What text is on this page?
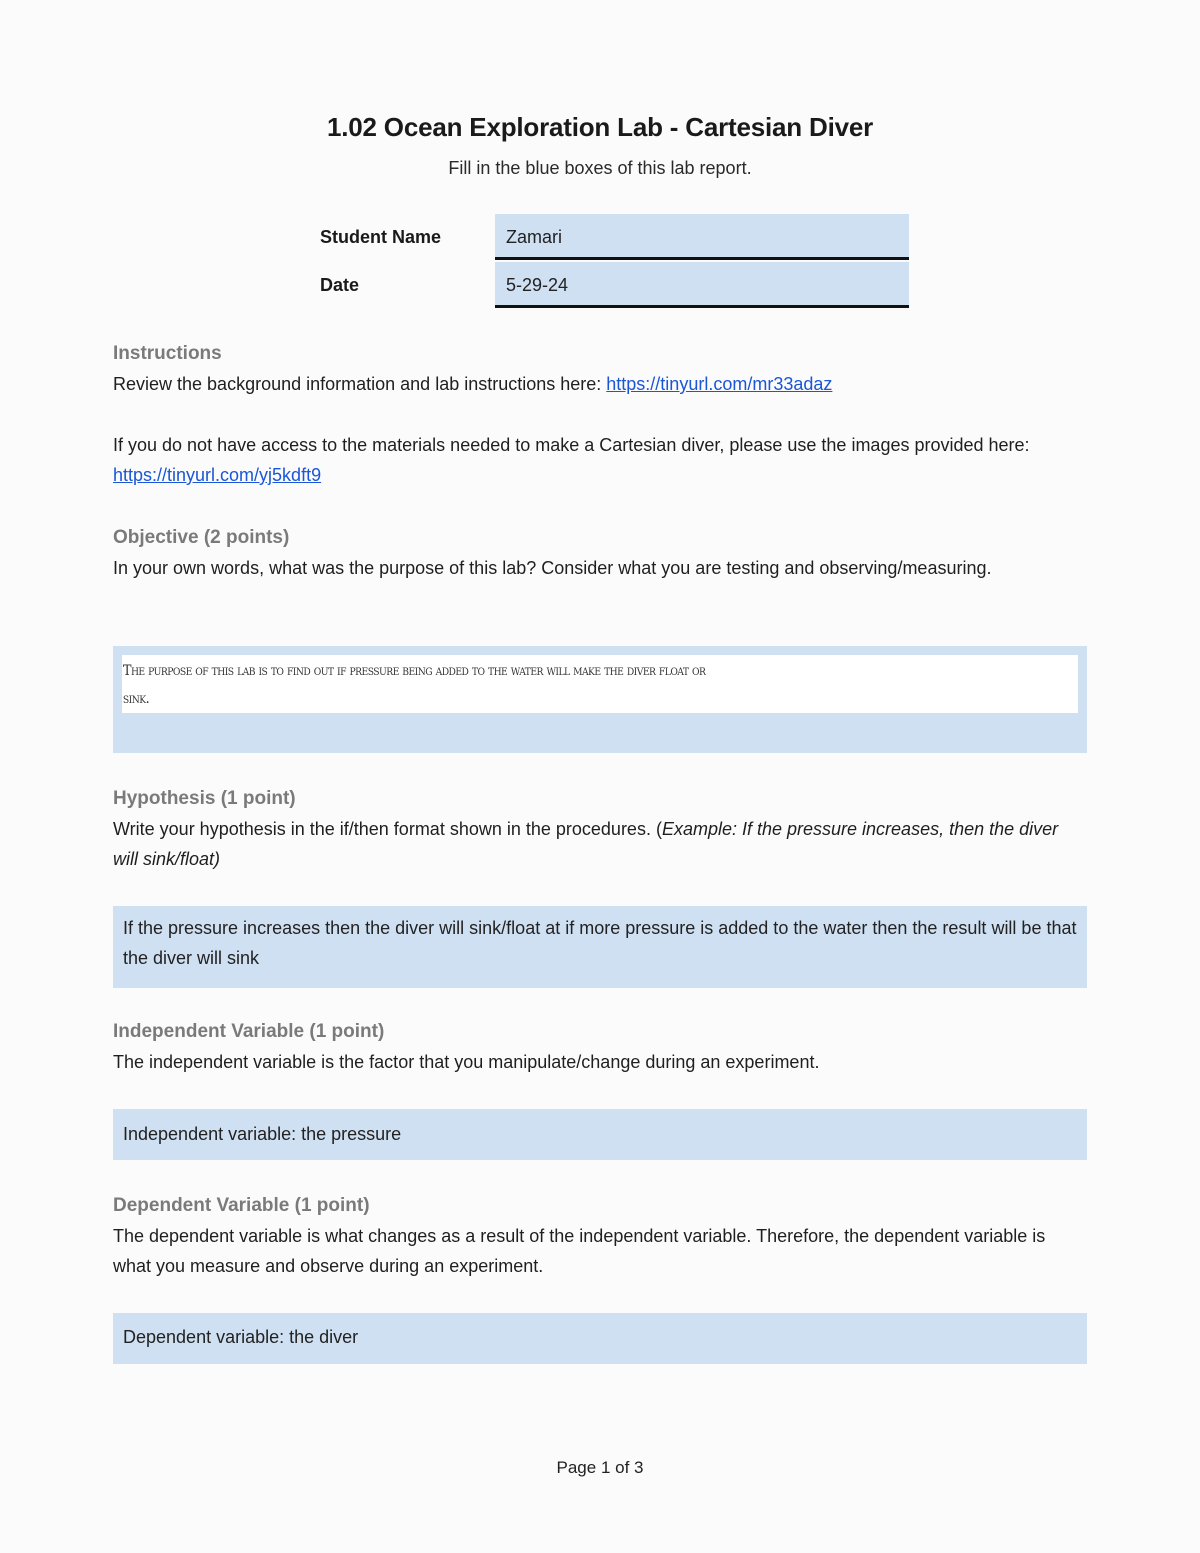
1.02 Ocean Exploration Lab - Cartesian Diver
Fill in the blue boxes of this lab report.
Student Name	Zamari
Date	5-29-24

Instructions

Review the background information and lab instructions here: https://tinyurl.com/mr33adaz

If you do not have access to the materials needed to make a Cartesian diver, please use the images provided here: https://tinyurl.com/yj5kdft9

Objective (2 points)

In your own words, what was the purpose of this lab? Consider what you are testing and observing/measuring.

The purpose of this lab is to find out if pressure being added to the water will make the diver float or
sink.

Hypothesis (1 point)

Write your hypothesis in the if/then format shown in the procedures. (Example: If the pressure increases, then the diver will sink/float)

If the pressure increases then the diver will sink/float at if more pressure is added to the water then the result will be that the diver will sink

Independent Variable (1 point)

The independent variable is the factor that you manipulate/change during an experiment.

Independent variable: the pressure

Dependent Variable (1 point)

The dependent variable is what changes as a result of the independent variable. Therefore, the dependent variable is what you measure and observe during an experiment.

Dependent variable: the diver
Page 1 of 3
